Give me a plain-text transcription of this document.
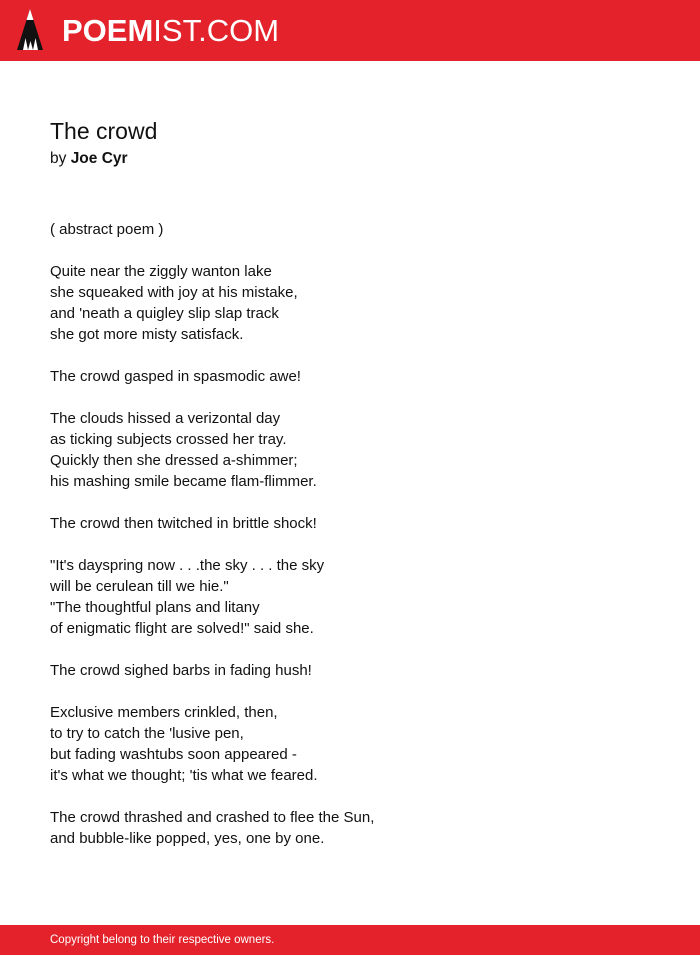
POEMIST.COM
The crowd
by Joe Cyr
( abstract poem )
Quite near the ziggly wanton lake
she squeaked with joy at his mistake,
and 'neath a quigley slip slap track
she got more misty satisfack.
The crowd gasped in spasmodic awe!
The clouds hissed a verizontal day
as ticking subjects crossed her tray.
Quickly then she dressed a-shimmer;
his mashing smile became flam-flimmer.
The crowd then twitched in brittle shock!
"It's dayspring now . . .the sky . . . the sky
will be cerulean till we hie."
"The thoughtful plans and litany
of enigmatic flight are solved!" said she.
The crowd sighed barbs in fading hush!
Exclusive members crinkled, then,
to try to catch the 'lusive pen,
but fading washtubs soon appeared -
it's what we thought; 'tis what we feared.
The crowd thrashed and crashed to flee the Sun,
and bubble-like popped, yes, one by one.
Copyright belong to their respective owners.
